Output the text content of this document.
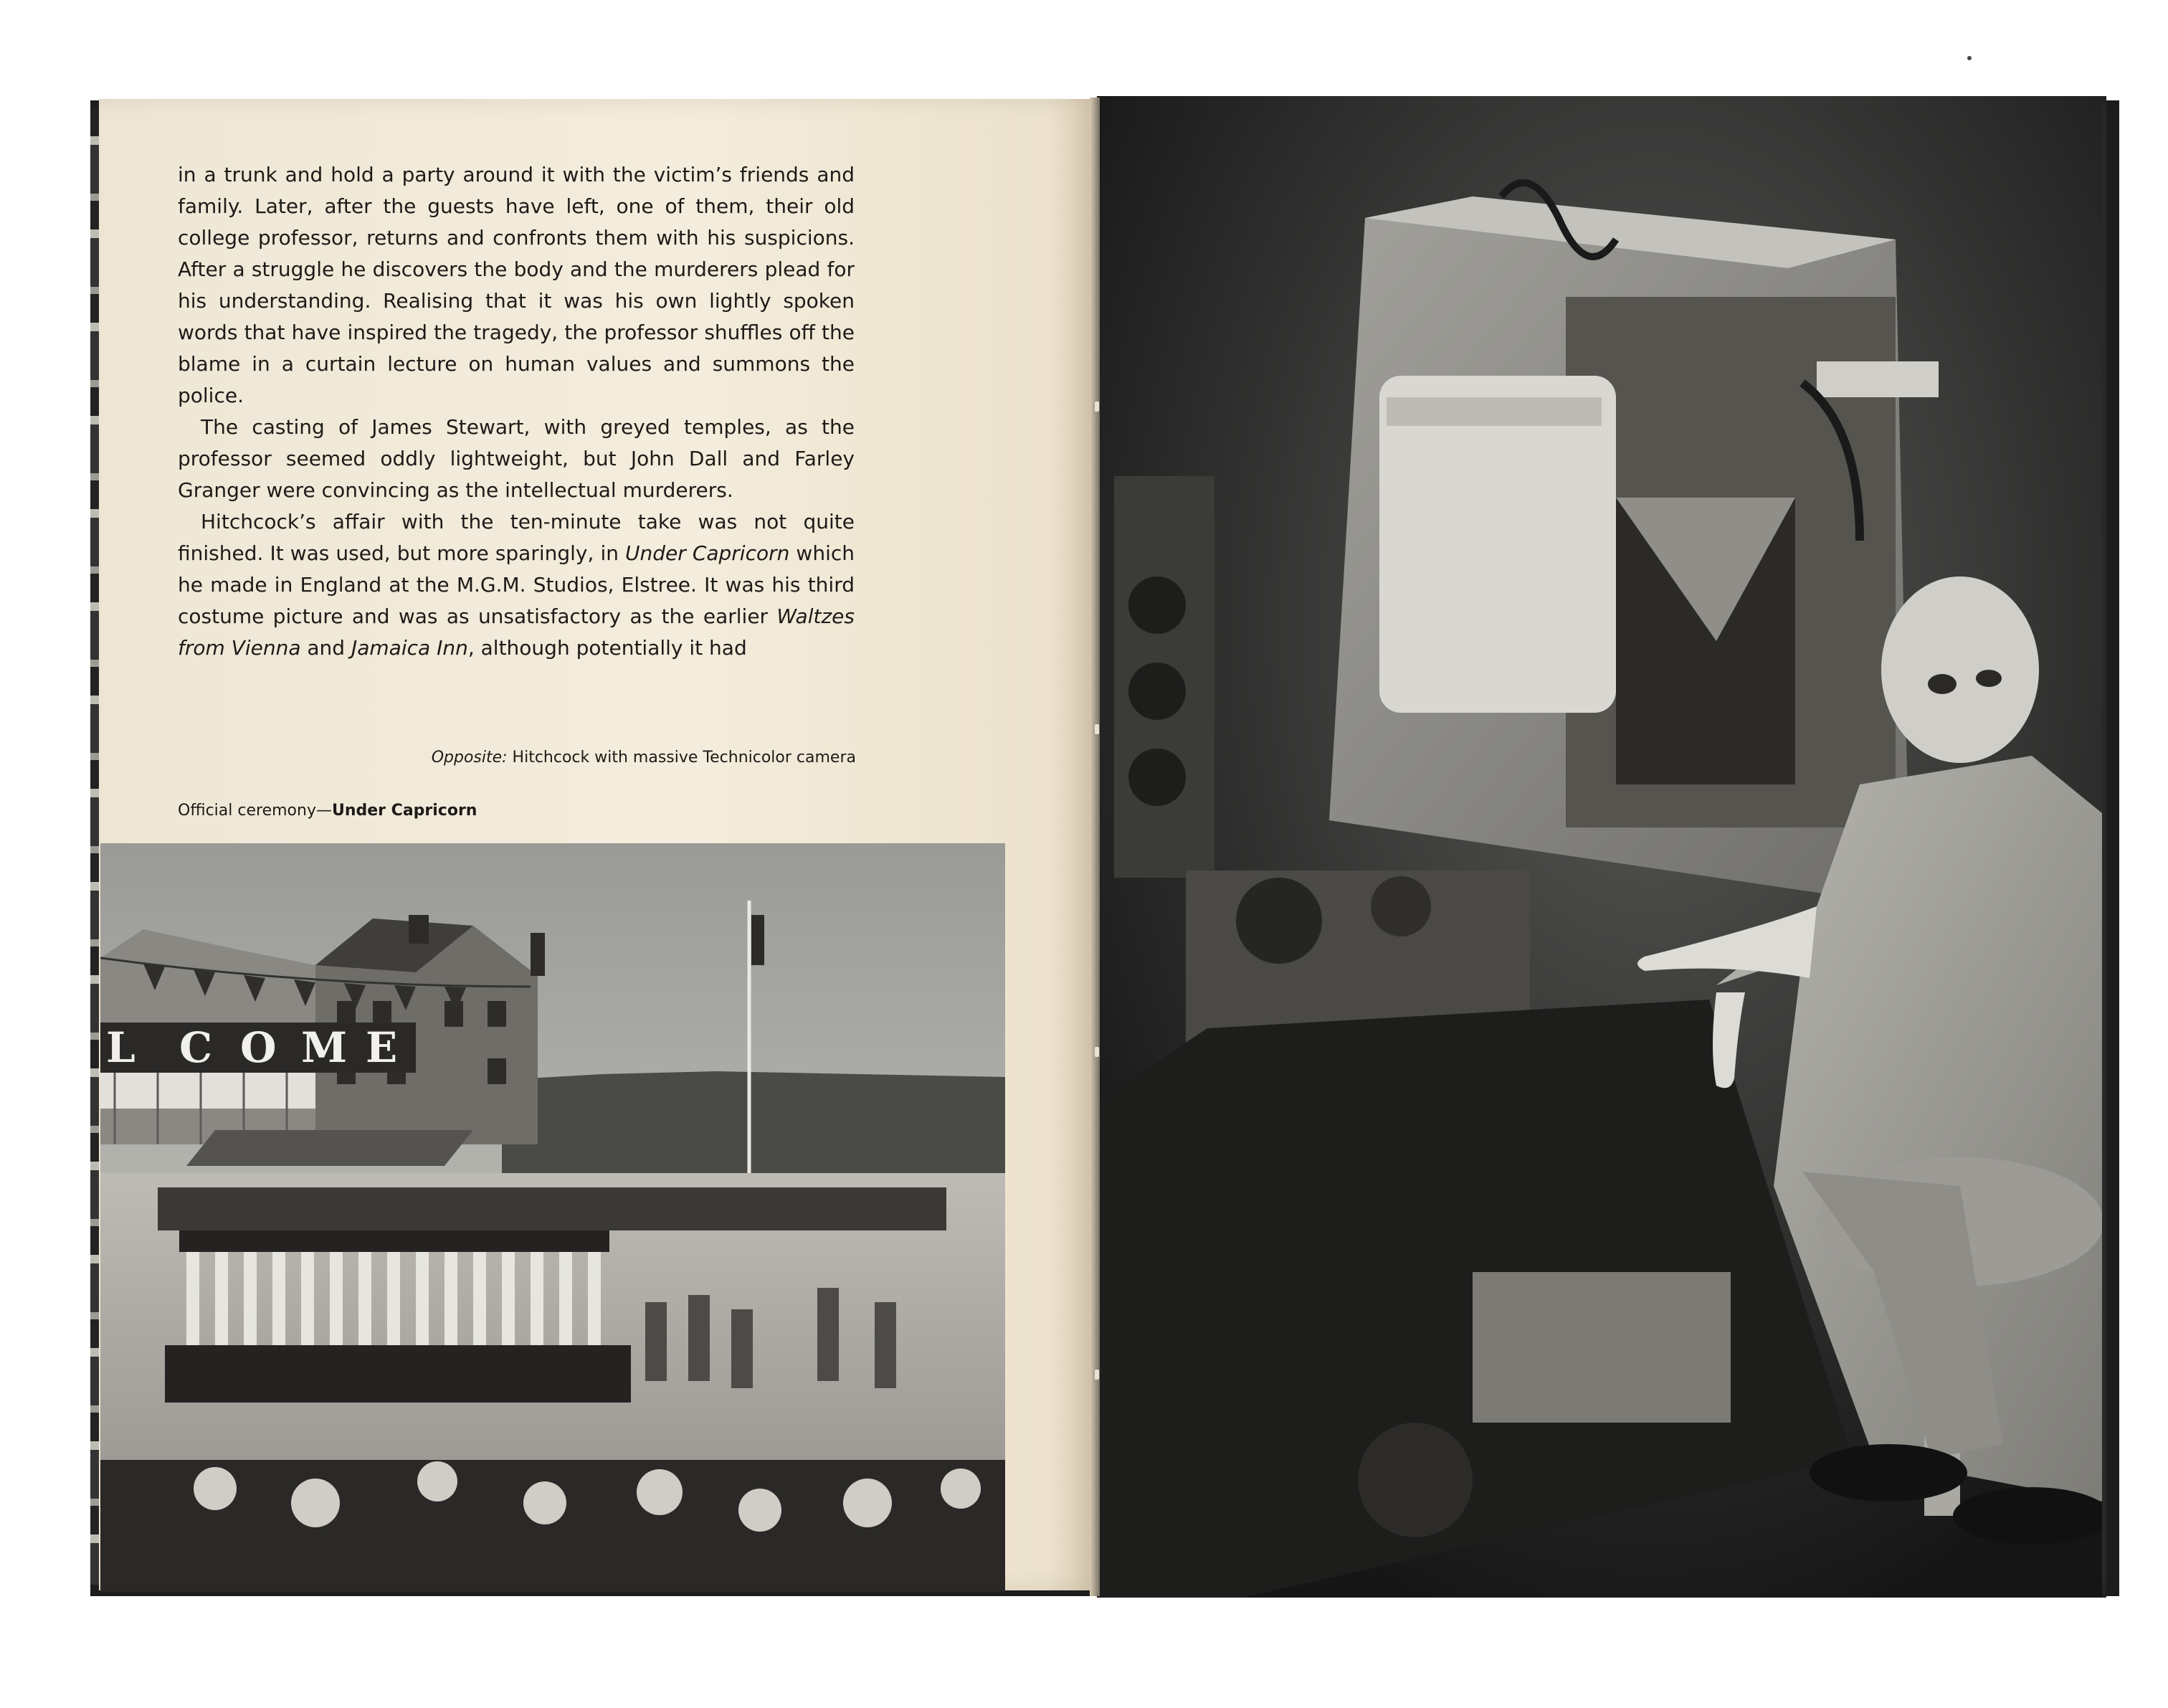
in a trunk and hold a party around it with the victim’s friends and family. Later, after the guests have left, one of them, their old college professor, returns and confronts them with his suspicions. After a struggle he discovers the body and the murderers plead for his understanding. Realising that it was his own lightly spoken words that have inspired the tragedy, the professor shuffles off the blame in a curtain lecture on human values and summons the police.

The casting of James Stewart, with greyed temples, as the professor seemed oddly lightweight, but John Dall and Farley Granger were convincing as the intellectual murderers.

Hitchcock’s affair with the ten-minute take was not quite finished. It was used, but more sparingly, in Under Capricorn which he made in England at the M.G.M. Studios, Elstree. It was his third costume picture and was as unsatisfactory as the earlier Waltzes from Vienna and Jamaica Inn, although potentially it had

Opposite: Hitchcock with massive Technicolor camera
Official ceremony—Under Capricorn
L C O M E
